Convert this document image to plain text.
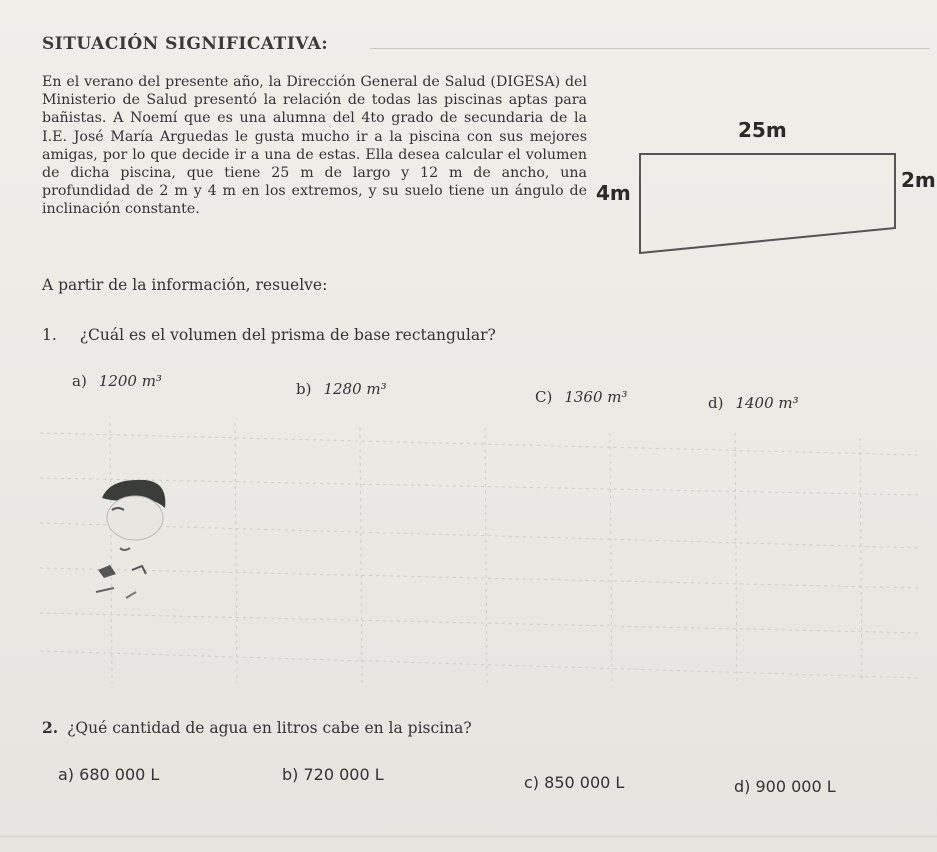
SITUACIÓN SIGNIFICATIVA:
En el verano del presente año, la Dirección General de Salud (DIGESA) del Ministerio de Salud presentó la relación de todas las piscinas aptas para bañistas. A Noemí que es una alumna del 4to grado de secundaria de la I.E. José María Arguedas le gusta mucho ir a la piscina con sus mejores amigas, por lo que decide ir a una de estas. Ella desea calcular el volumen de dicha piscina, que tiene 25 m de largo y 12 m de ancho, una profundidad de 2 m y 4 m en los extremos, y su suelo tiene un ángulo de inclinación constante.
25m
4m
2m
A partir de la información, resuelve:
1. ¿Cuál es el volumen del prisma de base rectangular?
a) 1200 m³	b) 1280 m³	C) 1360 m³	d) 1400 m³
2. ¿Qué cantidad de agua en litros cabe en la piscina?
a) 680 000 L	b) 720 000 L	c) 850 000 L	d) 900 000 L
